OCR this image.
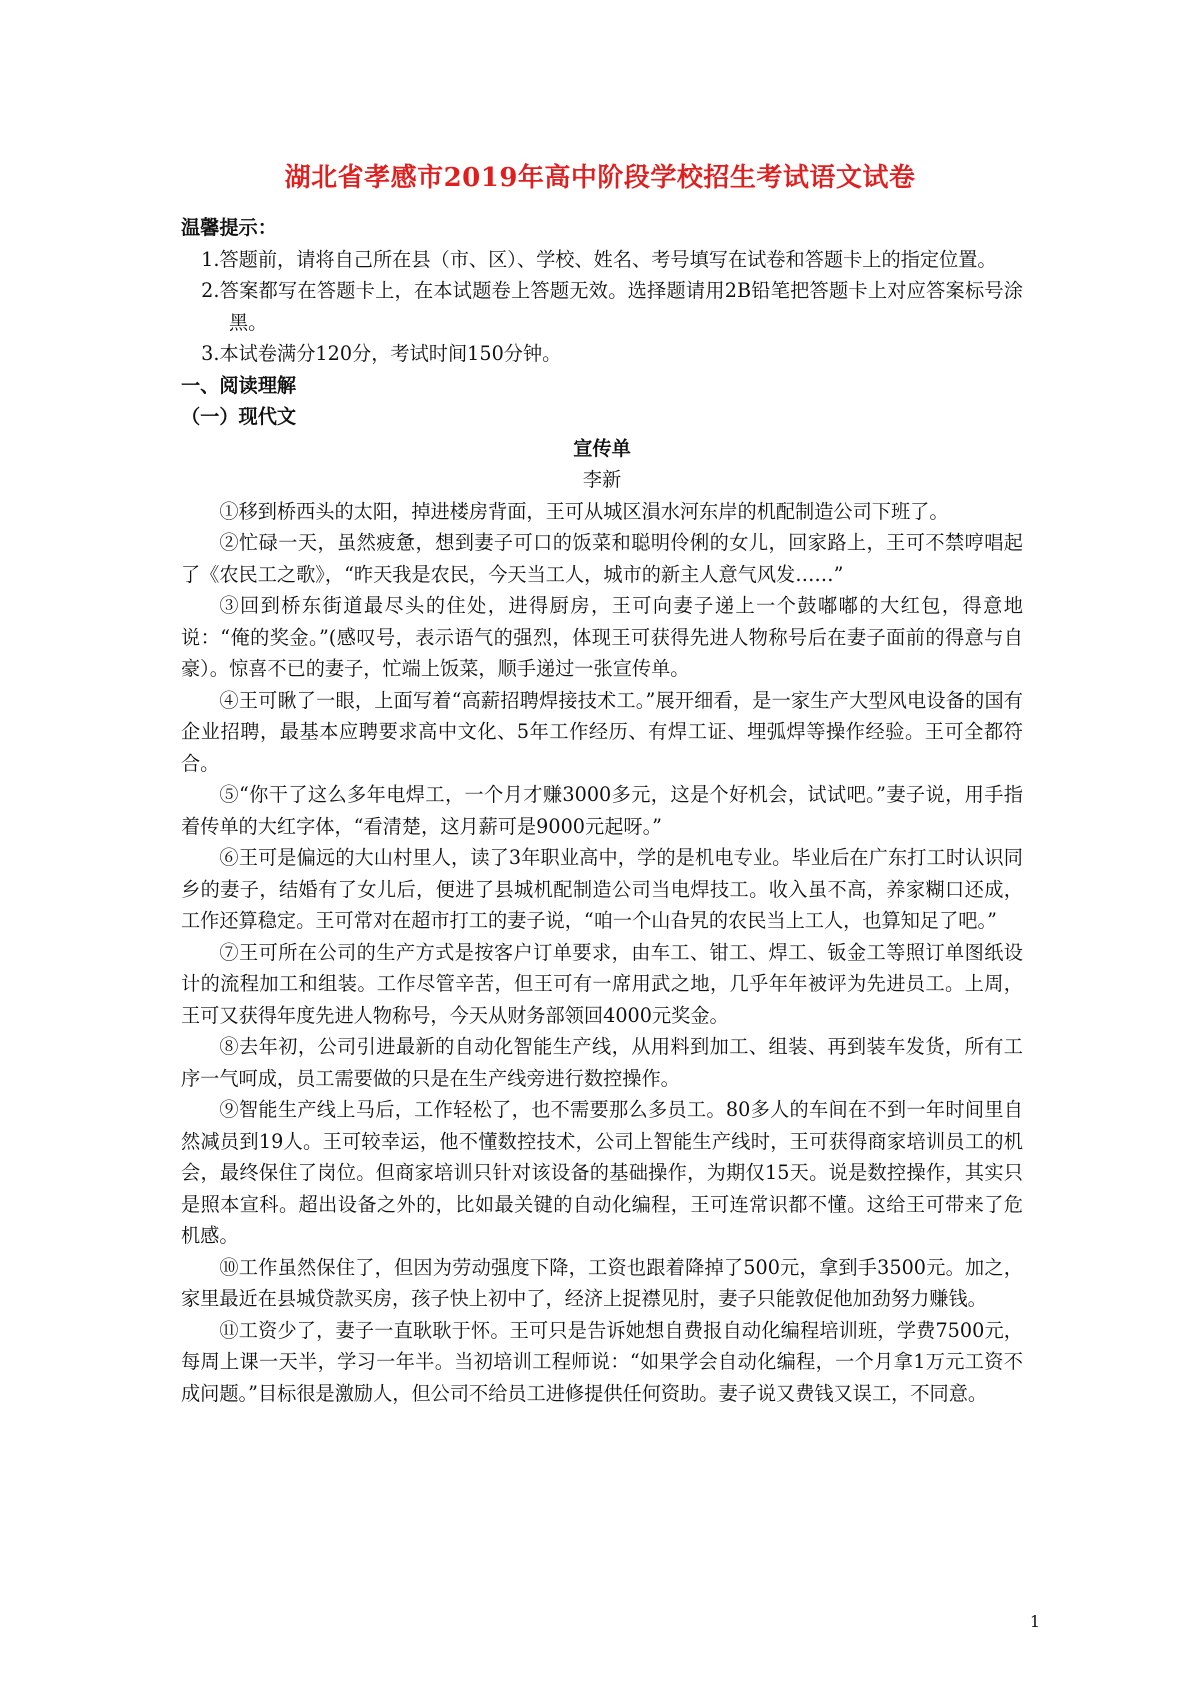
湖北省孝感市2019年高中阶段学校招生考试语文试卷

温馨提示：

1.答题前，请将自己所在县（市、区）、学校、姓名、考号填写在试卷和答题卡上的指定位置。

2.答案都写在答题卡上，在本试题卷上答题无效。选择题请用2B铅笔把答题卡上对应答案标号涂黑。

3.本试卷满分120分，考试时间150分钟。

一、阅读理解

（一）现代文

宣传单

李新

①移到桥西头的太阳，掉进楼房背面，王可从城区溳水河东岸的机配制造公司下班了。

②忙碌一天，虽然疲惫，想到妻子可口的饭菜和聪明伶俐的女儿，回家路上，王可不禁哼唱起了《农民工之歌》，“昨天我是农民，今天当工人，城市的新主人意气风发……”

③回到桥东街道最尽头的住处，进得厨房，王可向妻子递上一个鼓嘟嘟的大红包，得意地说：“俺的奖金。”(感叹号，表示语气的强烈，体现王可获得先进人物称号后在妻子面前的得意与自豪）。惊喜不已的妻子，忙端上饭菜，顺手递过一张宣传单。

④王可瞅了一眼，上面写着“高薪招聘焊接技术工。”展开细看，是一家生产大型风电设备的国有企业招聘，最基本应聘要求高中文化、5年工作经历、有焊工证、埋弧焊等操作经验。王可全都符合。

⑤“你干了这么多年电焊工，一个月才赚3000多元，这是个好机会，试试吧。”妻子说，用手指着传单的大红字体，“看清楚，这月薪可是9000元起呀。”

⑥王可是偏远的大山村里人，读了3年职业高中，学的是机电专业。毕业后在广东打工时认识同乡的妻子，结婚有了女儿后，便进了县城机配制造公司当电焊技工。收入虽不高，养家糊口还成，工作还算稳定。王可常对在超市打工的妻子说，“咱一个山旮旯的农民当上工人，也算知足了吧。”

⑦王可所在公司的生产方式是按客户订单要求，由车工、钳工、焊工、钣金工等照订单图纸设计的流程加工和组装。工作尽管辛苦，但王可有一席用武之地，几乎年年被评为先进员工。上周，王可又获得年度先进人物称号，今天从财务部领回4000元奖金。

⑧去年初，公司引进最新的自动化智能生产线，从用料到加工、组装、再到装车发货，所有工序一气呵成，员工需要做的只是在生产线旁进行数控操作。

⑨智能生产线上马后，工作轻松了，也不需要那么多员工。80多人的车间在不到一年时间里自然减员到19人。王可较幸运，他不懂数控技术，公司上智能生产线时，王可获得商家培训员工的机会，最终保住了岗位。但商家培训只针对该设备的基础操作，为期仅15天。说是数控操作，其实只是照本宣科。超出设备之外的，比如最关键的自动化编程，王可连常识都不懂。这给王可带来了危机感。

⑩工作虽然保住了，但因为劳动强度下降，工资也跟着降掉了500元，拿到手3500元。加之，家里最近在县城贷款买房，孩子快上初中了，经济上捉襟见肘，妻子只能敦促他加劲努力赚钱。

⑪工资少了，妻子一直耿耿于怀。王可只是告诉她想自费报自动化编程培训班，学费7500元，每周上课一天半，学习一年半。当初培训工程师说：“如果学会自动化编程，一个月拿1万元工资不成问题。”目标很是激励人，但公司不给员工进修提供任何资助。妻子说又费钱又误工，不同意。

1
